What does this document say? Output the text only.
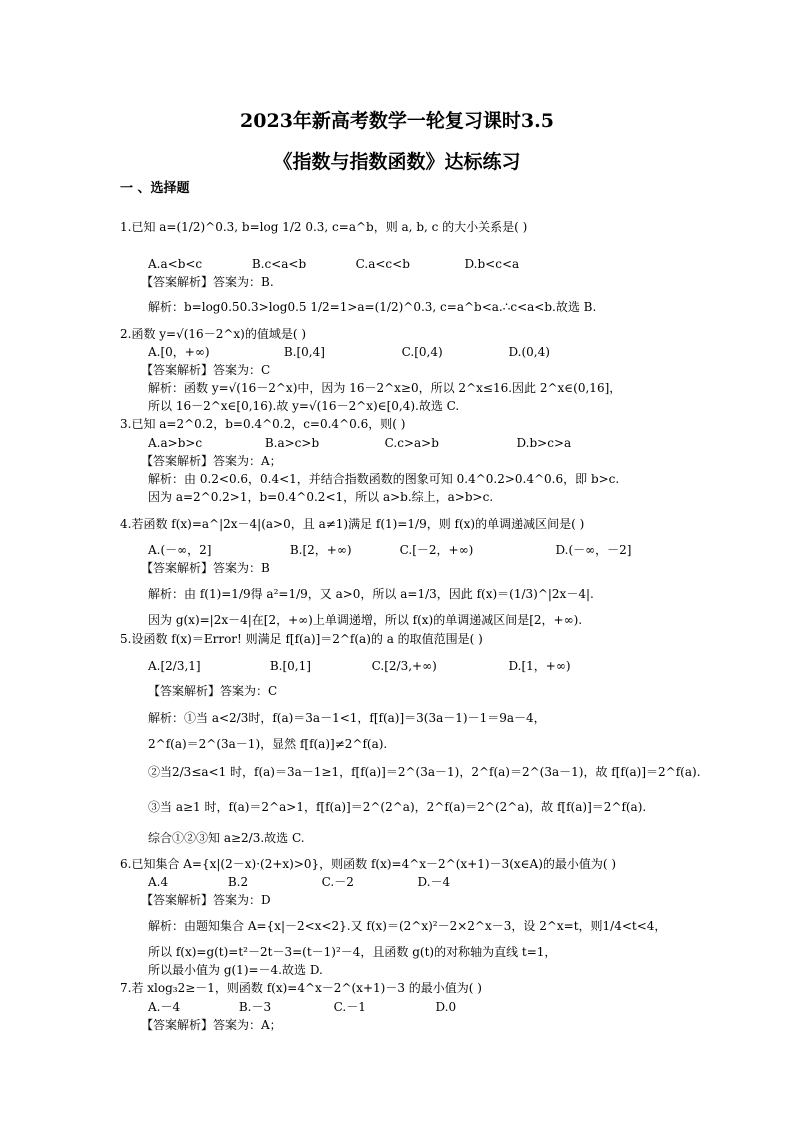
2023年新高考数学一轮复习课时3.5
《指数与指数函数》达标练习
一 、选择题
1.已知 a=(1/2)^0.3, b=log 1/2 0.3, c=a^b，则 a, b, c 的大小关系是( )
A.a<b<c	B.c<a<b	C.a<c<b	D.b<c<a
【答案解析】答案为：B.
解析：b=log0.50.3>log0.5 1/2=1>a=(1/2)^0.3, c=a^b<a.∴c<a<b.故选 B.
2.函数 y=√(16－2^x)的值域是( )
A.[0，+∞)	B.[0,4]	C.[0,4)	D.(0,4)
【答案解析】答案为：C
解析：函数 y=√(16－2^x)中，因为 16－2^x≥0，所以 2^x≤16.因此 2^x∈(0,16]，
所以 16－2^x∈[0,16).故 y=√(16－2^x)∈[0,4).故选 C.
3.已知 a=2^0.2，b=0.4^0.2，c=0.4^0.6，则( )
A.a>b>c	B.a>c>b	C.c>a>b	D.b>c>a
【答案解析】答案为：A；
解析：由 0.2<0.6，0.4<1，并结合指数函数的图象可知 0.4^0.2>0.4^0.6，即 b>c.
因为 a=2^0.2>1，b=0.4^0.2<1，所以 a>b.综上，a>b>c.
4.若函数 f(x)=a^|2x－4|(a>0，且 a≠1)满足 f(1)=1/9，则 f(x)的单调递减区间是( )
A.(－∞，2]	B.[2，+∞)	C.[－2，+∞)	D.(－∞，－2]
【答案解析】答案为：B
解析：由 f(1)=1/9得 a²=1/9，又 a>0，所以 a=1/3，因此 f(x)＝(1/3)^|2x－4|.
因为 g(x)=|2x－4|在[2，+∞)上单调递增，所以 f(x)的单调递减区间是[2，+∞).
5.设函数 f(x)＝Error! 则满足 f[f(a)]＝2^f(a)的 a 的取值范围是( )
A.[2/3,1]	B.[0,1]	C.[2/3,+∞)	D.[1，+∞)
【答案解析】答案为：C
解析：①当 a<2/3时，f(a)＝3a－1<1，f[f(a)]＝3(3a－1)－1＝9a－4，
2^f(a)＝2^(3a－1)，显然 f[f(a)]≠2^f(a).
②当2/3≤a<1 时，f(a)＝3a－1≥1，f[f(a)]＝2^(3a－1)，2^f(a)＝2^(3a－1)，故 f[f(a)]＝2^f(a).
③当 a≥1 时，f(a)＝2^a>1，f[f(a)]＝2^(2^a)，2^f(a)＝2^(2^a)，故 f[f(a)]＝2^f(a).
综合①②③知 a≥2/3.故选 C.
6.已知集合 A={x|(2－x)·(2+x)>0}，则函数 f(x)=4^x－2^(x+1)－3(x∈A)的最小值为( )
A.4	B.2	C.－2	D.－4
【答案解析】答案为：D
解析：由题知集合 A={x|－2<x<2}.又 f(x)＝(2^x)²－2×2^x－3，设 2^x=t，则1/4<t<4，
所以 f(x)=g(t)=t²－2t－3=(t－1)²－4，且函数 g(t)的对称轴为直线 t=1，
所以最小值为 g(1)=－4.故选 D.
7.若 xlog₃2≥－1，则函数 f(x)=4^x－2^(x+1)－3 的最小值为( )
A.－4	B.－3	C.－1	D.0
【答案解析】答案为：A；
